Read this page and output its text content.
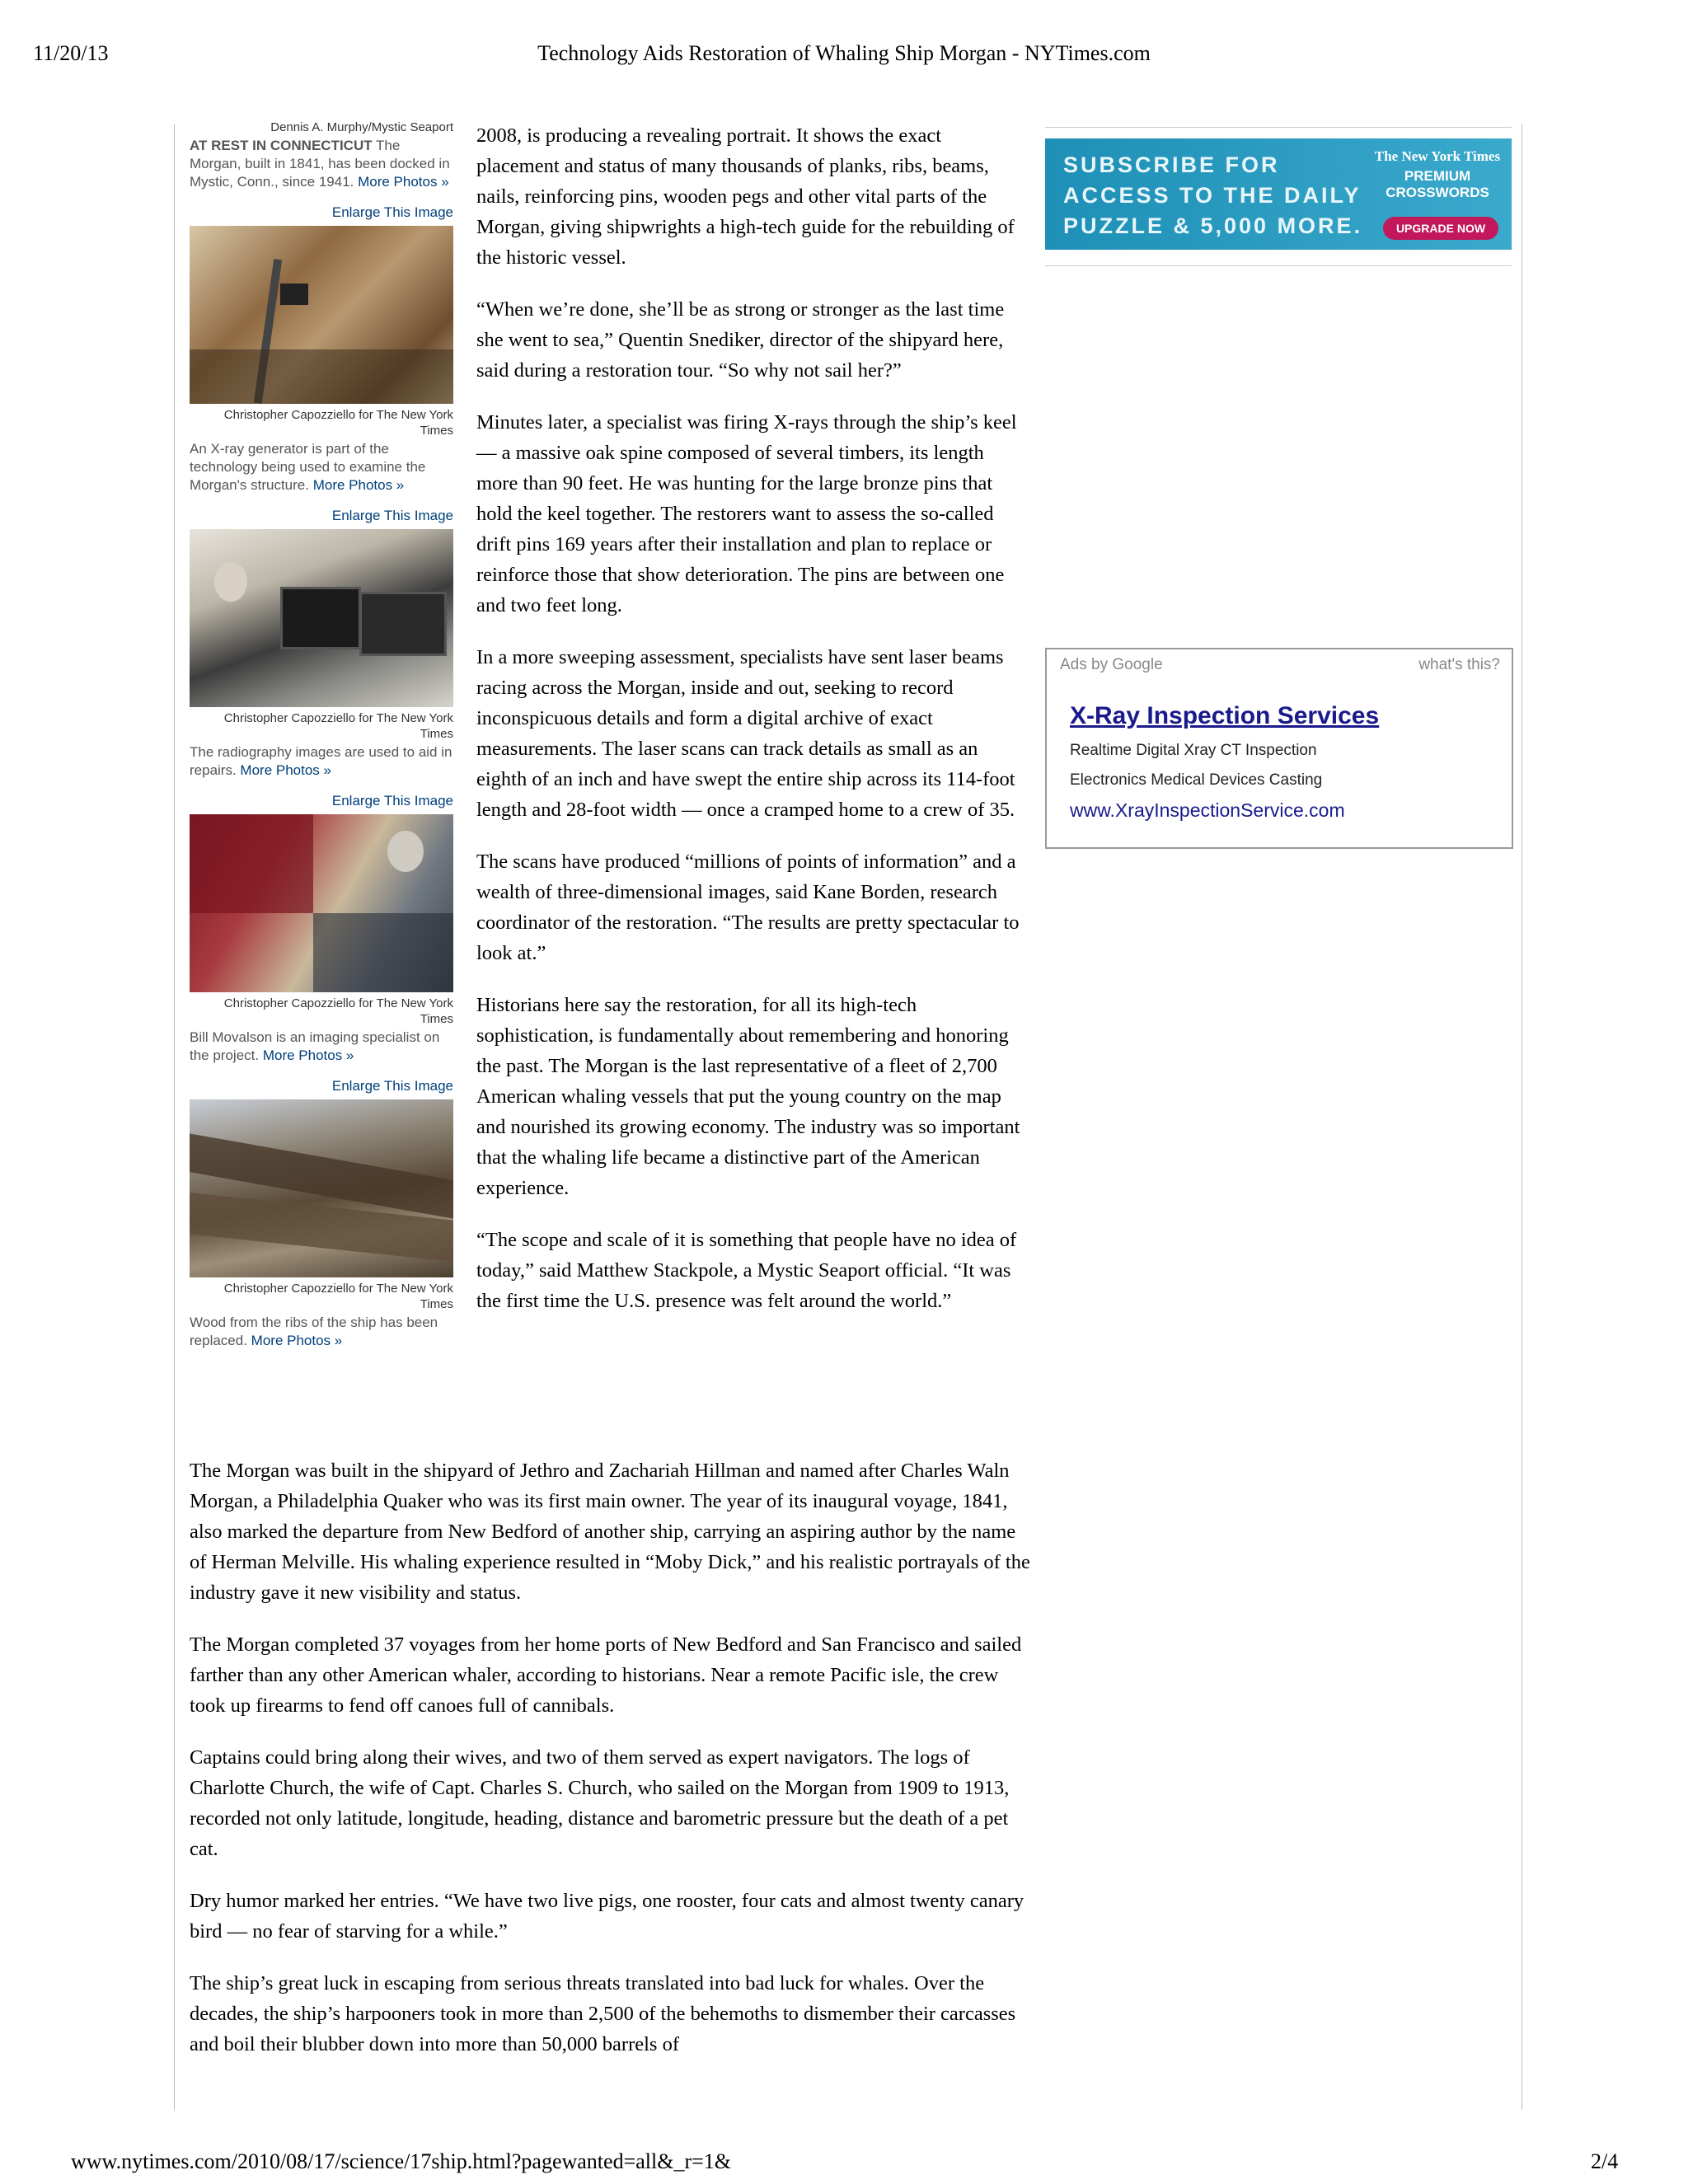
11/20/13	Technology Aids Restoration of Whaling Ship Morgan - NYTimes.com
Dennis A. Murphy/Mystic Seaport
AT REST IN CONNECTICUT The Morgan, built in 1841, has been docked in Mystic, Conn., since 1941. More Photos »
Enlarge This Image
Christopher Capozziello for The New York Times
An X-ray generator is part of the technology being used to examine the Morgan's structure. More Photos »
Enlarge This Image
Christopher Capozziello for The New York Times
The radiography images are used to aid in repairs. More Photos »
Enlarge This Image
Christopher Capozziello for The New York Times
Bill Movalson is an imaging specialist on the project. More Photos »
Enlarge This Image
Christopher Capozziello for The New York Times
Wood from the ribs of the ship has been replaced. More Photos »

2008, is producing a revealing portrait. It shows the exact placement and status of many thousands of planks, ribs, beams, nails, reinforcing pins, wooden pegs and other vital parts of the Morgan, giving shipwrights a high-tech guide for the rebuilding of the historic vessel.

“When we’re done, she’ll be as strong or stronger as the last time she went to sea,” Quentin Snediker, director of the shipyard here, said during a restoration tour. “So why not sail her?”

Minutes later, a specialist was firing X-rays through the ship’s keel — a massive oak spine composed of several timbers, its length more than 90 feet. He was hunting for the large bronze pins that hold the keel together. The restorers want to assess the so-called drift pins 169 years after their installation and plan to replace or reinforce those that show deterioration. The pins are between one and two feet long.

In a more sweeping assessment, specialists have sent laser beams racing across the Morgan, inside and out, seeking to record inconspicuous details and form a digital archive of exact measurements. The laser scans can track details as small as an eighth of an inch and have swept the entire ship across its 114-foot length and 28-foot width — once a cramped home to a crew of 35.

The scans have produced “millions of points of information” and a wealth of three-dimensional images, said Kane Borden, research coordinator of the restoration. “The results are pretty spectacular to look at.”

Historians here say the restoration, for all its high-tech sophistication, is fundamentally about remembering and honoring the past. The Morgan is the last representative of a fleet of 2,700 American whaling vessels that put the young country on the map and nourished its growing economy. The industry was so important that the whaling life became a distinctive part of the American experience.

“The scope and scale of it is something that people have no idea of today,” said Matthew Stackpole, a Mystic Seaport official. “It was the first time the U.S. presence was felt around the world.”

The Morgan was built in the shipyard of Jethro and Zachariah Hillman and named after Charles Waln Morgan, a Philadelphia Quaker who was its first main owner. The year of its inaugural voyage, 1841, also marked the departure from New Bedford of another ship, carrying an aspiring author by the name of Herman Melville. His whaling experience resulted in “Moby Dick,” and his realistic portrayals of the industry gave it new visibility and status.

The Morgan completed 37 voyages from her home ports of New Bedford and San Francisco and sailed farther than any other American whaler, according to historians. Near a remote Pacific isle, the crew took up firearms to fend off canoes full of cannibals.

Captains could bring along their wives, and two of them served as expert navigators. The logs of Charlotte Church, the wife of Capt. Charles S. Church, who sailed on the Morgan from 1909 to 1913, recorded not only latitude, longitude, heading, distance and barometric pressure but the death of a pet cat.

Dry humor marked her entries. “We have two live pigs, one rooster, four cats and almost twenty canary bird — no fear of starving for a while.”

The ship’s great luck in escaping from serious threats translated into bad luck for whales. Over the decades, the ship’s harpooners took in more than 2,500 of the behemoths to dismember their carcasses and boil their blubber down into more than 50,000 barrels of

SUBSCRIBE FOR
ACCESS TO THE DAILY
PUZZLE & 5,000 MORE.
The New York Times
PREMIUM
CROSSWORDS
UPGRADE NOW
Ads by Google	what's this?
X-Ray Inspection Services
Realtime Digital Xray CT Inspection
Electronics Medical Devices Casting
www.XrayInspectionService.com
www.nytimes.com/2010/08/17/science/17ship.html?pagewanted=all&_r=1&	2/4
